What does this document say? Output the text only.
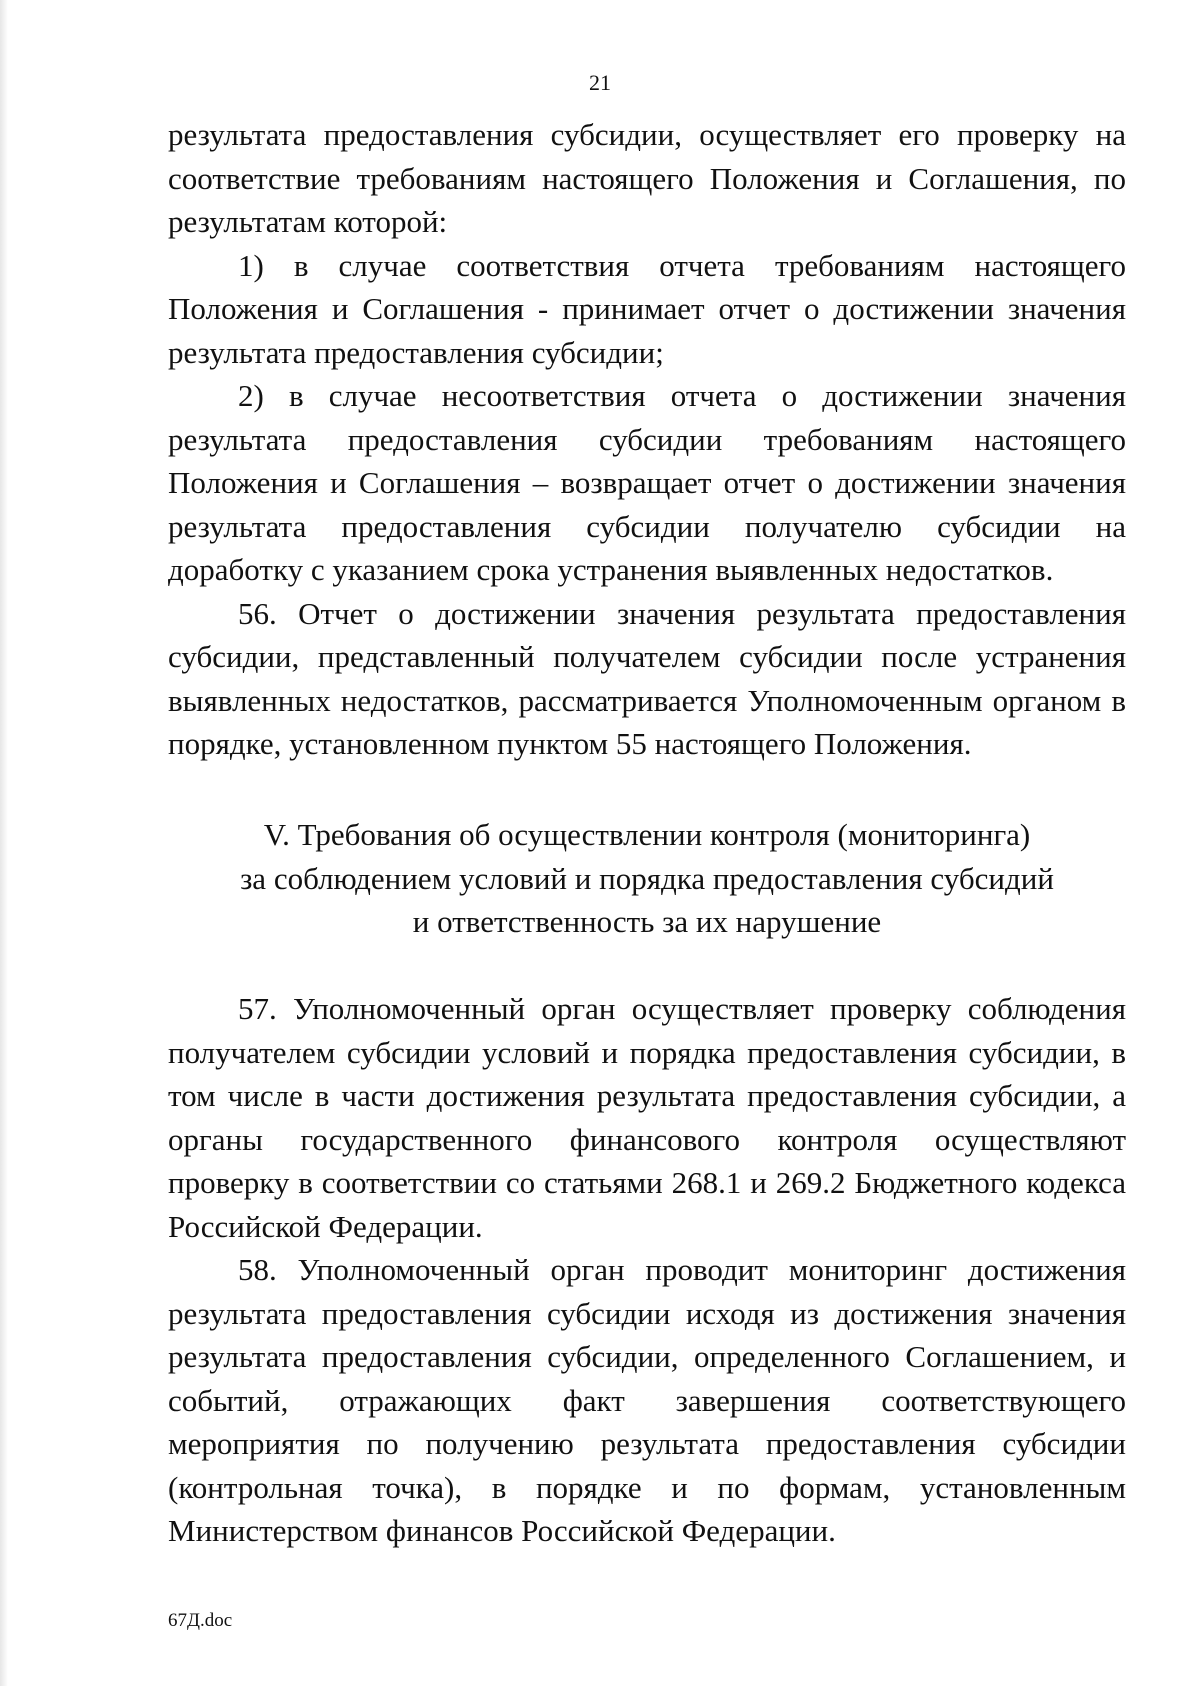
21

результата предоставления субсидии, осуществляет его проверку на соответствие требованиям настоящего Положения и Соглашения, по результатам которой:

1) в случае соответствия отчета требованиям настоящего Положения и Соглашения - принимает отчет о достижении значения результата предоставления субсидии;

2) в случае несоответствия отчета о достижении значения результата предоставления субсидии требованиям настоящего Положения и Соглашения – возвращает отчет о достижении значения результата предоставления субсидии получателю субсидии на доработку с указанием срока устранения выявленных недостатков.

56. Отчет о достижении значения результата предоставления субсидии, представленный получателем субсидии после устранения выявленных недостатков, рассматривается Уполномоченным органом в порядке, установленном пунктом 55 настоящего Положения.

V. Требования об осуществлении контроля (мониторинга)
за соблюдением условий и порядка предоставления субсидий
и ответственность за их нарушение

57. Уполномоченный орган осуществляет проверку соблюдения получателем субсидии условий и порядка предоставления субсидии, в том числе в части достижения результата предоставления субсидии, а органы государственного финансового контроля осуществляют проверку в соответствии со статьями 268.1 и 269.2 Бюджетного кодекса Российской Федерации.

58. Уполномоченный орган проводит мониторинг достижения результата предоставления субсидии исходя из достижения значения результата предоставления субсидии, определенного Соглашением, и событий, отражающих факт завершения соответствующего мероприятия по получению результата предоставления субсидии (контрольная точка), в порядке и по формам, установленным Министерством финансов Российской Федерации.

67Д.doc
